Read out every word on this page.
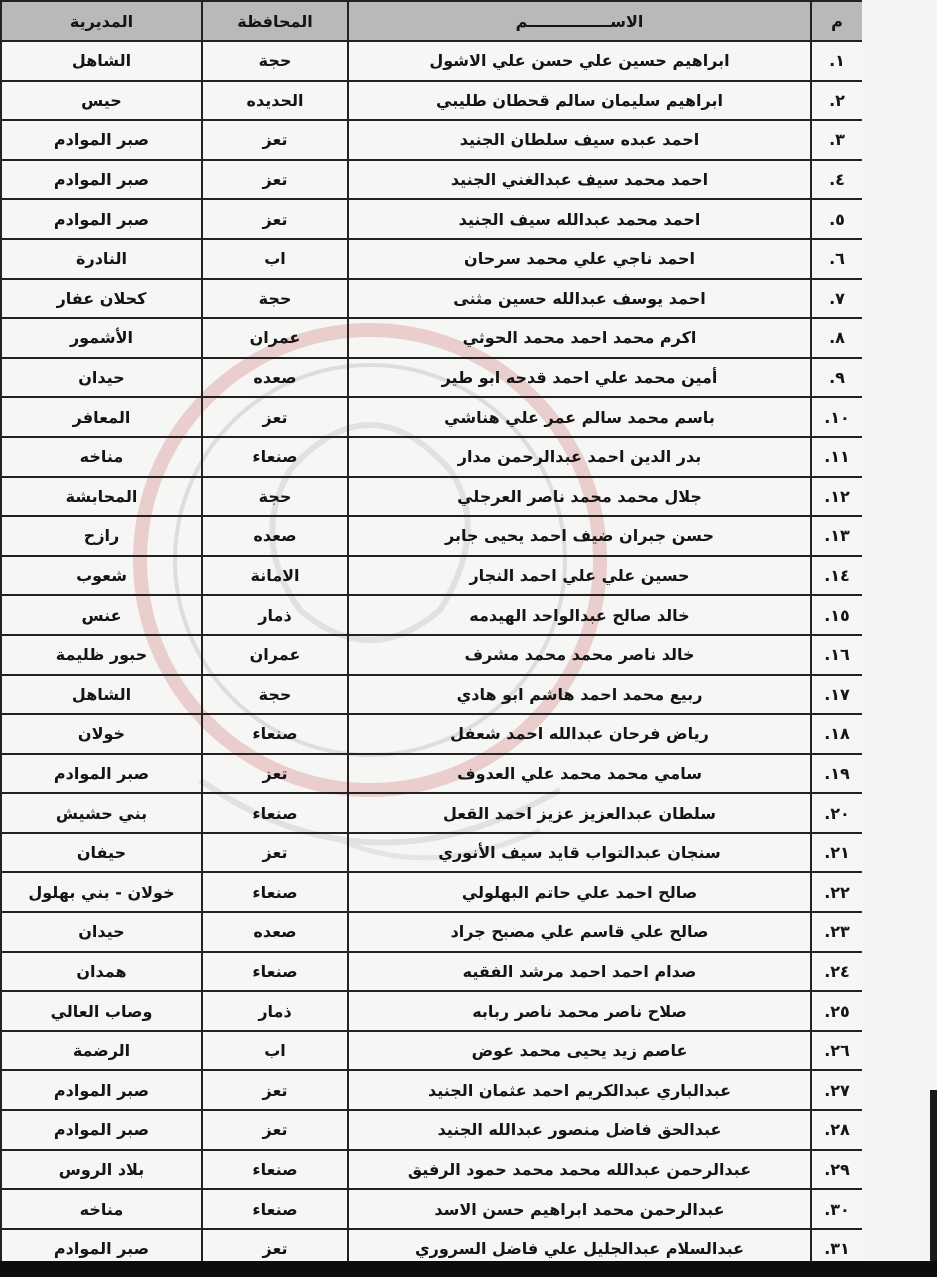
م	الاســـــــــــــــم	المحافظة	المديرية
١.	ابراهيم حسين علي حسن علي الاشول	حجة	الشاهل
٢.	ابراهيم سليمان سالم قحطان طليبي	الحديده	حيس
٣.	احمد عبده سيف سلطان الجنيد	تعز	صبر الموادم
٤.	احمد محمد سيف عبدالغني الجنيد	تعز	صبر الموادم
٥.	احمد محمد عبدالله سيف الجنيد	تعز	صبر الموادم
٦.	احمد ناجي علي محمد سرحان	اب	النادرة
٧.	احمد يوسف عبدالله حسين مثنى	حجة	كحلان عفار
٨.	اكرم محمد احمد محمد الحوثي	عمران	الأشمور
٩.	أمين محمد علي احمد قدحه ابو طير	صعده	حيدان
١٠.	باسم محمد سالم عمر علي هناشي	تعز	المعافر
١١.	بدر الدين احمد عبدالرحمن مدار	صنعاء	مناخه
١٢.	جلال محمد محمد ناصر العرجلي	حجة	المحابشة
١٣.	حسن جبران ضيف احمد يحيى جابر	صعده	رازح
١٤.	حسين علي علي احمد النجار	الامانة	شعوب
١٥.	خالد صالح عبدالواحد الهيدمه	ذمار	عنس
١٦.	خالد ناصر محمد محمد مشرف	عمران	حبور ظليمة
١٧.	ربيع محمد احمد هاشم ابو هادي	حجة	الشاهل
١٨.	رياض فرحان عبدالله احمد شعفل	صنعاء	خولان
١٩.	سامي محمد محمد علي العدوف	تعز	صبر الموادم
٢٠.	سلطان عبدالعزيز عزيز احمد القعل	صنعاء	بني حشيش
٢١.	سنجان عبدالتواب قايد سيف الأنوري	تعز	حيفان
٢٢.	صالح احمد علي حاتم البهلولي	صنعاء	خولان - بني بهلول
٢٣.	صالح علي قاسم علي مصبح جراد	صعده	حيدان
٢٤.	صدام احمد احمد مرشد الفقيه	صنعاء	همدان
٢٥.	صلاح ناصر محمد ناصر ربابه	ذمار	وصاب العالي
٢٦.	عاصم زيد يحيى محمد عوض	اب	الرضمة
٢٧.	عبدالباري عبدالكريم احمد عثمان الجنيد	تعز	صبر الموادم
٢٨.	عبدالحق فاضل منصور عبدالله الجنيد	تعز	صبر الموادم
٢٩.	عبدالرحمن عبدالله محمد محمد حمود الرفيق	صنعاء	بلاد الروس
٣٠.	عبدالرحمن محمد ابراهيم حسن الاسد	صنعاء	مناخه
٣١.	عبدالسلام عبدالجليل علي فاضل السروري	تعز	صبر الموادم
